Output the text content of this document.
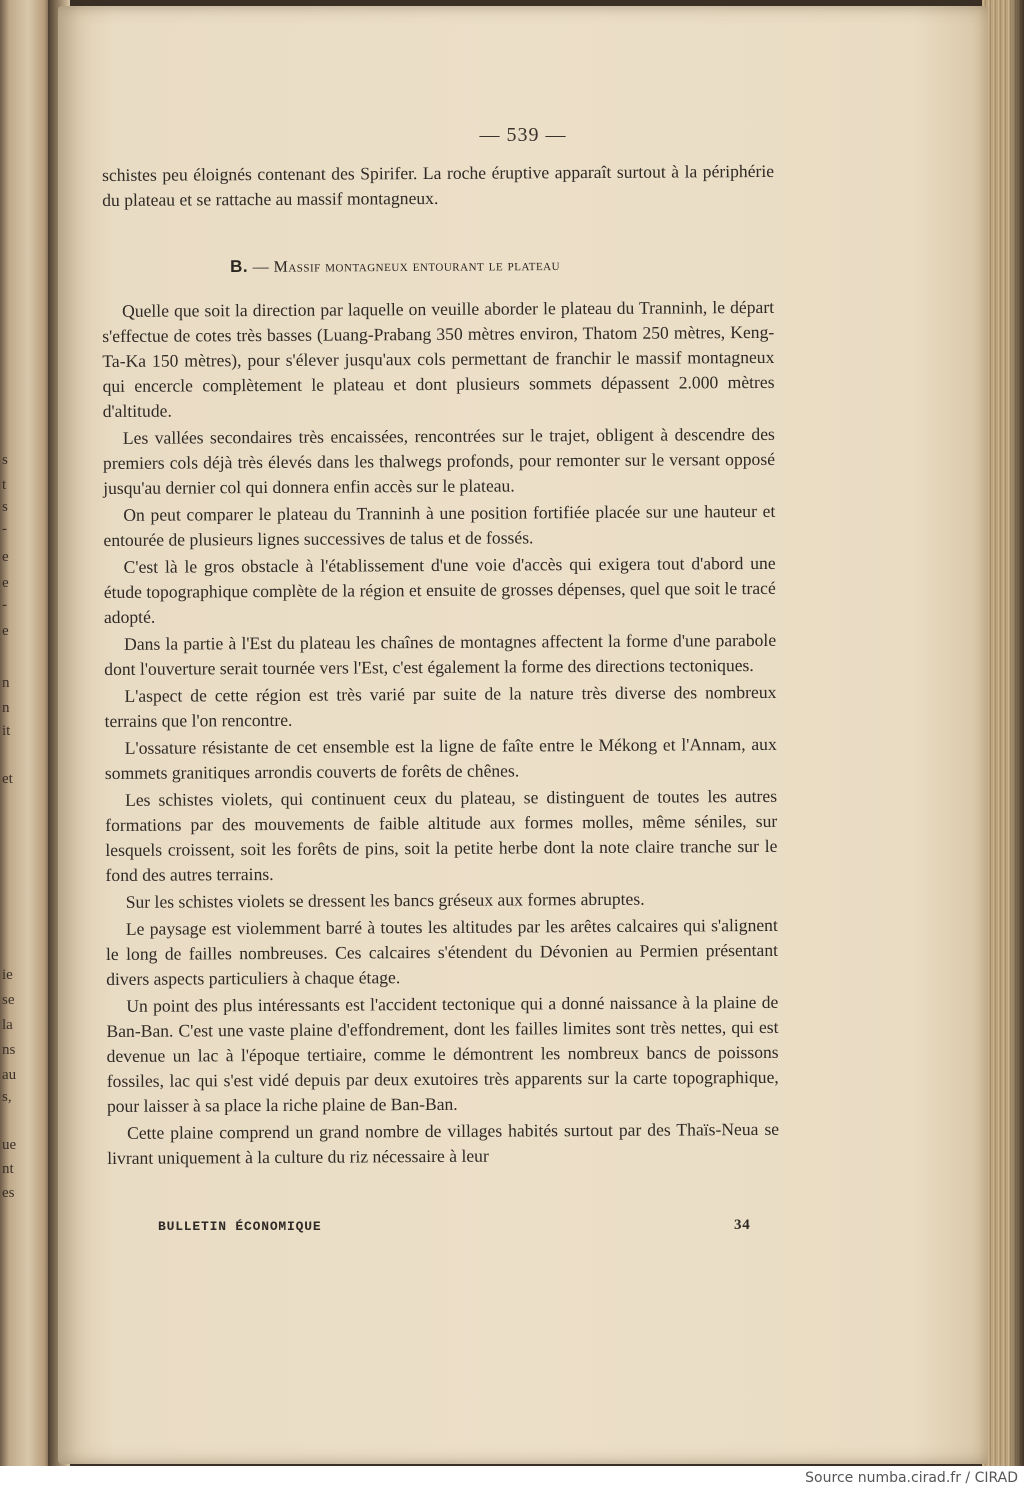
s
t
s
-
e
e
-
e
n
n
it
et
ie
se
la
ns
au
s,
ue
nt
es
— 539 —

schistes peu éloignés contenant des Spirifer. La roche éruptive apparaît surtout à la périphérie du plateau et se rattache au massif montagneux.

B. — Massif montagneux entourant le plateau

Quelle que soit la direction par laquelle on veuille aborder le plateau du Tranninh, le départ s'effectue de cotes très basses (Luang-Prabang 350 mètres environ, Thatom 250 mètres, Keng-Ta-Ka 150 mètres), pour s'élever jusqu'aux cols permettant de franchir le massif montagneux qui encercle complètement le plateau et dont plusieurs sommets dépassent 2.000 mètres d'altitude.

Les vallées secondaires très encaissées, rencontrées sur le trajet, obligent à descendre des premiers cols déjà très élevés dans les thalwegs profonds, pour remonter sur le versant opposé jusqu'au dernier col qui donnera enfin accès sur le plateau.

On peut comparer le plateau du Tranninh à une position fortifiée placée sur une hauteur et entourée de plusieurs lignes successives de talus et de fossés.

C'est là le gros obstacle à l'établissement d'une voie d'accès qui exigera tout d'abord une étude topographique complète de la région et ensuite de grosses dépenses, quel que soit le tracé adopté.

Dans la partie à l'Est du plateau les chaînes de montagnes affectent la forme d'une parabole dont l'ouverture serait tournée vers l'Est, c'est également la forme des directions tectoniques.

L'aspect de cette région est très varié par suite de la nature très diverse des nombreux terrains que l'on rencontre.

L'ossature résistante de cet ensemble est la ligne de faîte entre le Mékong et l'Annam, aux sommets granitiques arrondis couverts de forêts de chênes.

Les schistes violets, qui continuent ceux du plateau, se distinguent de toutes les autres formations par des mouvements de faible altitude aux formes molles, même séniles, sur lesquels croissent, soit les forêts de pins, soit la petite herbe dont la note claire tranche sur le fond des autres terrains.

Sur les schistes violets se dressent les bancs gréseux aux formes abruptes.

Le paysage est violemment barré à toutes les altitudes par les arêtes calcaires qui s'alignent le long de failles nombreuses. Ces calcaires s'étendent du Dévonien au Permien présentant divers aspects particuliers à chaque étage.

Un point des plus intéressants est l'accident tectonique qui a donné naissance à la plaine de Ban-Ban. C'est une vaste plaine d'effondrement, dont les failles limites sont très nettes, qui est devenue un lac à l'époque tertiaire, comme le démontrent les nombreux bancs de poissons fossiles, lac qui s'est vidé depuis par deux exutoires très apparents sur la carte topographique, pour laisser à sa place la riche plaine de Ban-Ban.

Cette plaine comprend un grand nombre de villages habités surtout par des Thaïs-Neua se livrant uniquement à la culture du riz nécessaire à leur

BULLETIN ÉCONOMIQUE	34
Source numba.cirad.fr / CIRAD
